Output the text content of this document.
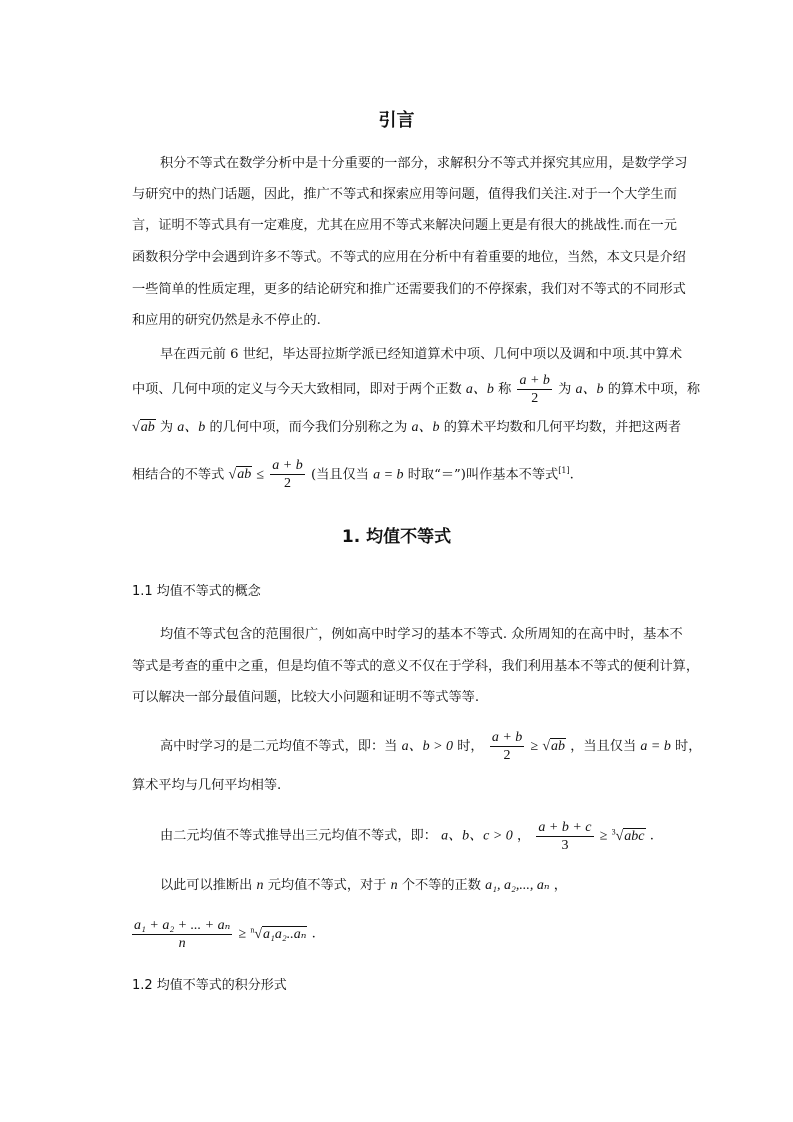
引言
积分不等式在数学分析中是十分重要的一部分，求解积分不等式并探究其应用，是数学学习
与研究中的热门话题，因此，推广不等式和探索应用等问题，值得我们关注.对于一个大学生而
言，证明不等式具有一定难度，尤其在应用不等式来解决问题上更是有很大的挑战性.而在一元
函数积分学中会遇到许多不等式。不等式的应用在分析中有着重要的地位，当然，本文只是介绍
一些简单的性质定理，更多的结论研究和推广还需要我们的不停探索，我们对不等式的不同形式
和应用的研究仍然是永不停止的.
早在西元前 6 世纪，毕达哥拉斯学派已经知道算术中项、几何中项以及调和中项.其中算术
中项、几何中项的定义与今天大致相同，即对于两个正数 a、b 称 $\frac{a + b}{2}$ 为 a、b 的算术中项，称
√ab 为 a、b 的几何中项，而今我们分别称之为 a、b 的算术平均数和几何平均数，并把这两者
相结合的不等式 $√ab \le \frac{a + b}{2}$ (当且仅当 a = b 时取“＝”)叫作基本不等式[1].
1. 均值不等式
1.1 均值不等式的概念
均值不等式包含的范围很广，例如高中时学习的基本不等式. 众所周知的在高中时，基本不
等式是考查的重中之重，但是均值不等式的意义不仅在于学科，我们利用基本不等式的便利计算，
可以解决一部分最值问题，比较大小问题和证明不等式等等.
高中时学习的是二元均值不等式，即：当 a、b > 0 时， $\frac{a + b}{2} \ge √ab$ ，当且仅当 a = b 时，
算术平均与几何平均相等.
由二元均值不等式推导出三元均值不等式，即： a、b、c > 0 ， $\frac{a + b + c}{3} \ge ^3√abc$ .
以此可以推断出 n 元均值不等式，对于 n 个不等的正数 a₁, a₂,..., aₙ ，
$\frac{\text{a₁ + a₂ + ... + aₙ}}{n} \ge ^n√a_1a_2..a_n$ .
1.2 均值不等式的积分形式
